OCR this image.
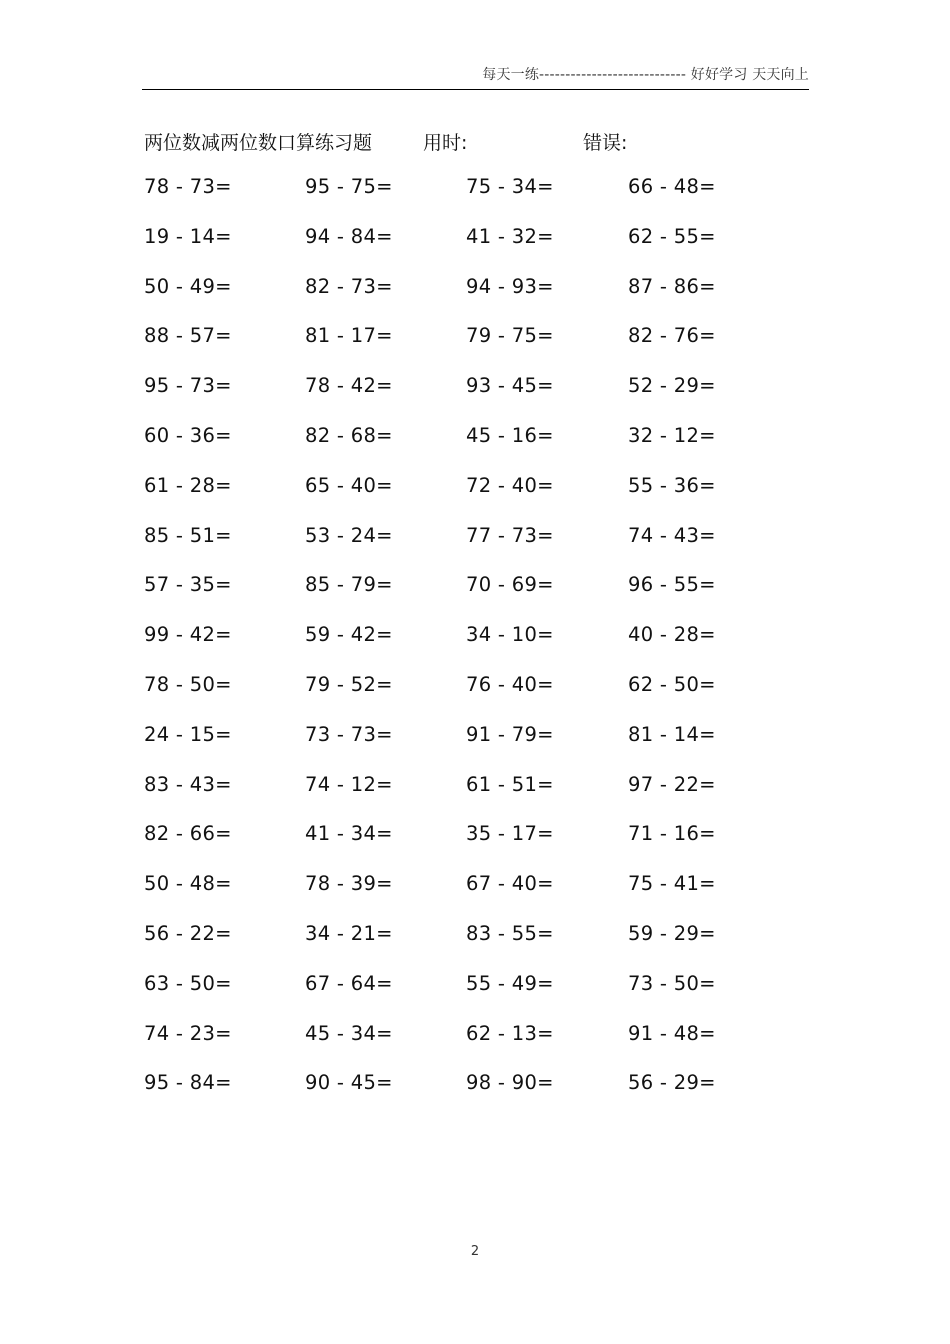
每天一练---------------------------- 好好学习 天天向上
两位数减两位数口算练习题	用时:	错误:
78 - 73=	95 - 75=	75 - 34=	66 - 48=
19 - 14=	94 - 84=	41 - 32=	62 - 55=
50 - 49=	82 - 73=	94 - 93=	87 - 86=
88 - 57=	81 - 17=	79 - 75=	82 - 76=
95 - 73=	78 - 42=	93 - 45=	52 - 29=
60 - 36=	82 - 68=	45 - 16=	32 - 12=
61 - 28=	65 - 40=	72 - 40=	55 - 36=
85 - 51=	53 - 24=	77 - 73=	74 - 43=
57 - 35=	85 - 79=	70 - 69=	96 - 55=
99 - 42=	59 - 42=	34 - 10=	40 - 28=
78 - 50=	79 - 52=	76 - 40=	62 - 50=
24 - 15=	73 - 73=	91 - 79=	81 - 14=
83 - 43=	74 - 12=	61 - 51=	97 - 22=
82 - 66=	41 - 34=	35 - 17=	71 - 16=
50 - 48=	78 - 39=	67 - 40=	75 - 41=
56 - 22=	34 - 21=	83 - 55=	59 - 29=
63 - 50=	67 - 64=	55 - 49=	73 - 50=
74 - 23=	45 - 34=	62 - 13=	91 - 48=
95 - 84=	90 - 45=	98 - 90=	56 - 29=
2
